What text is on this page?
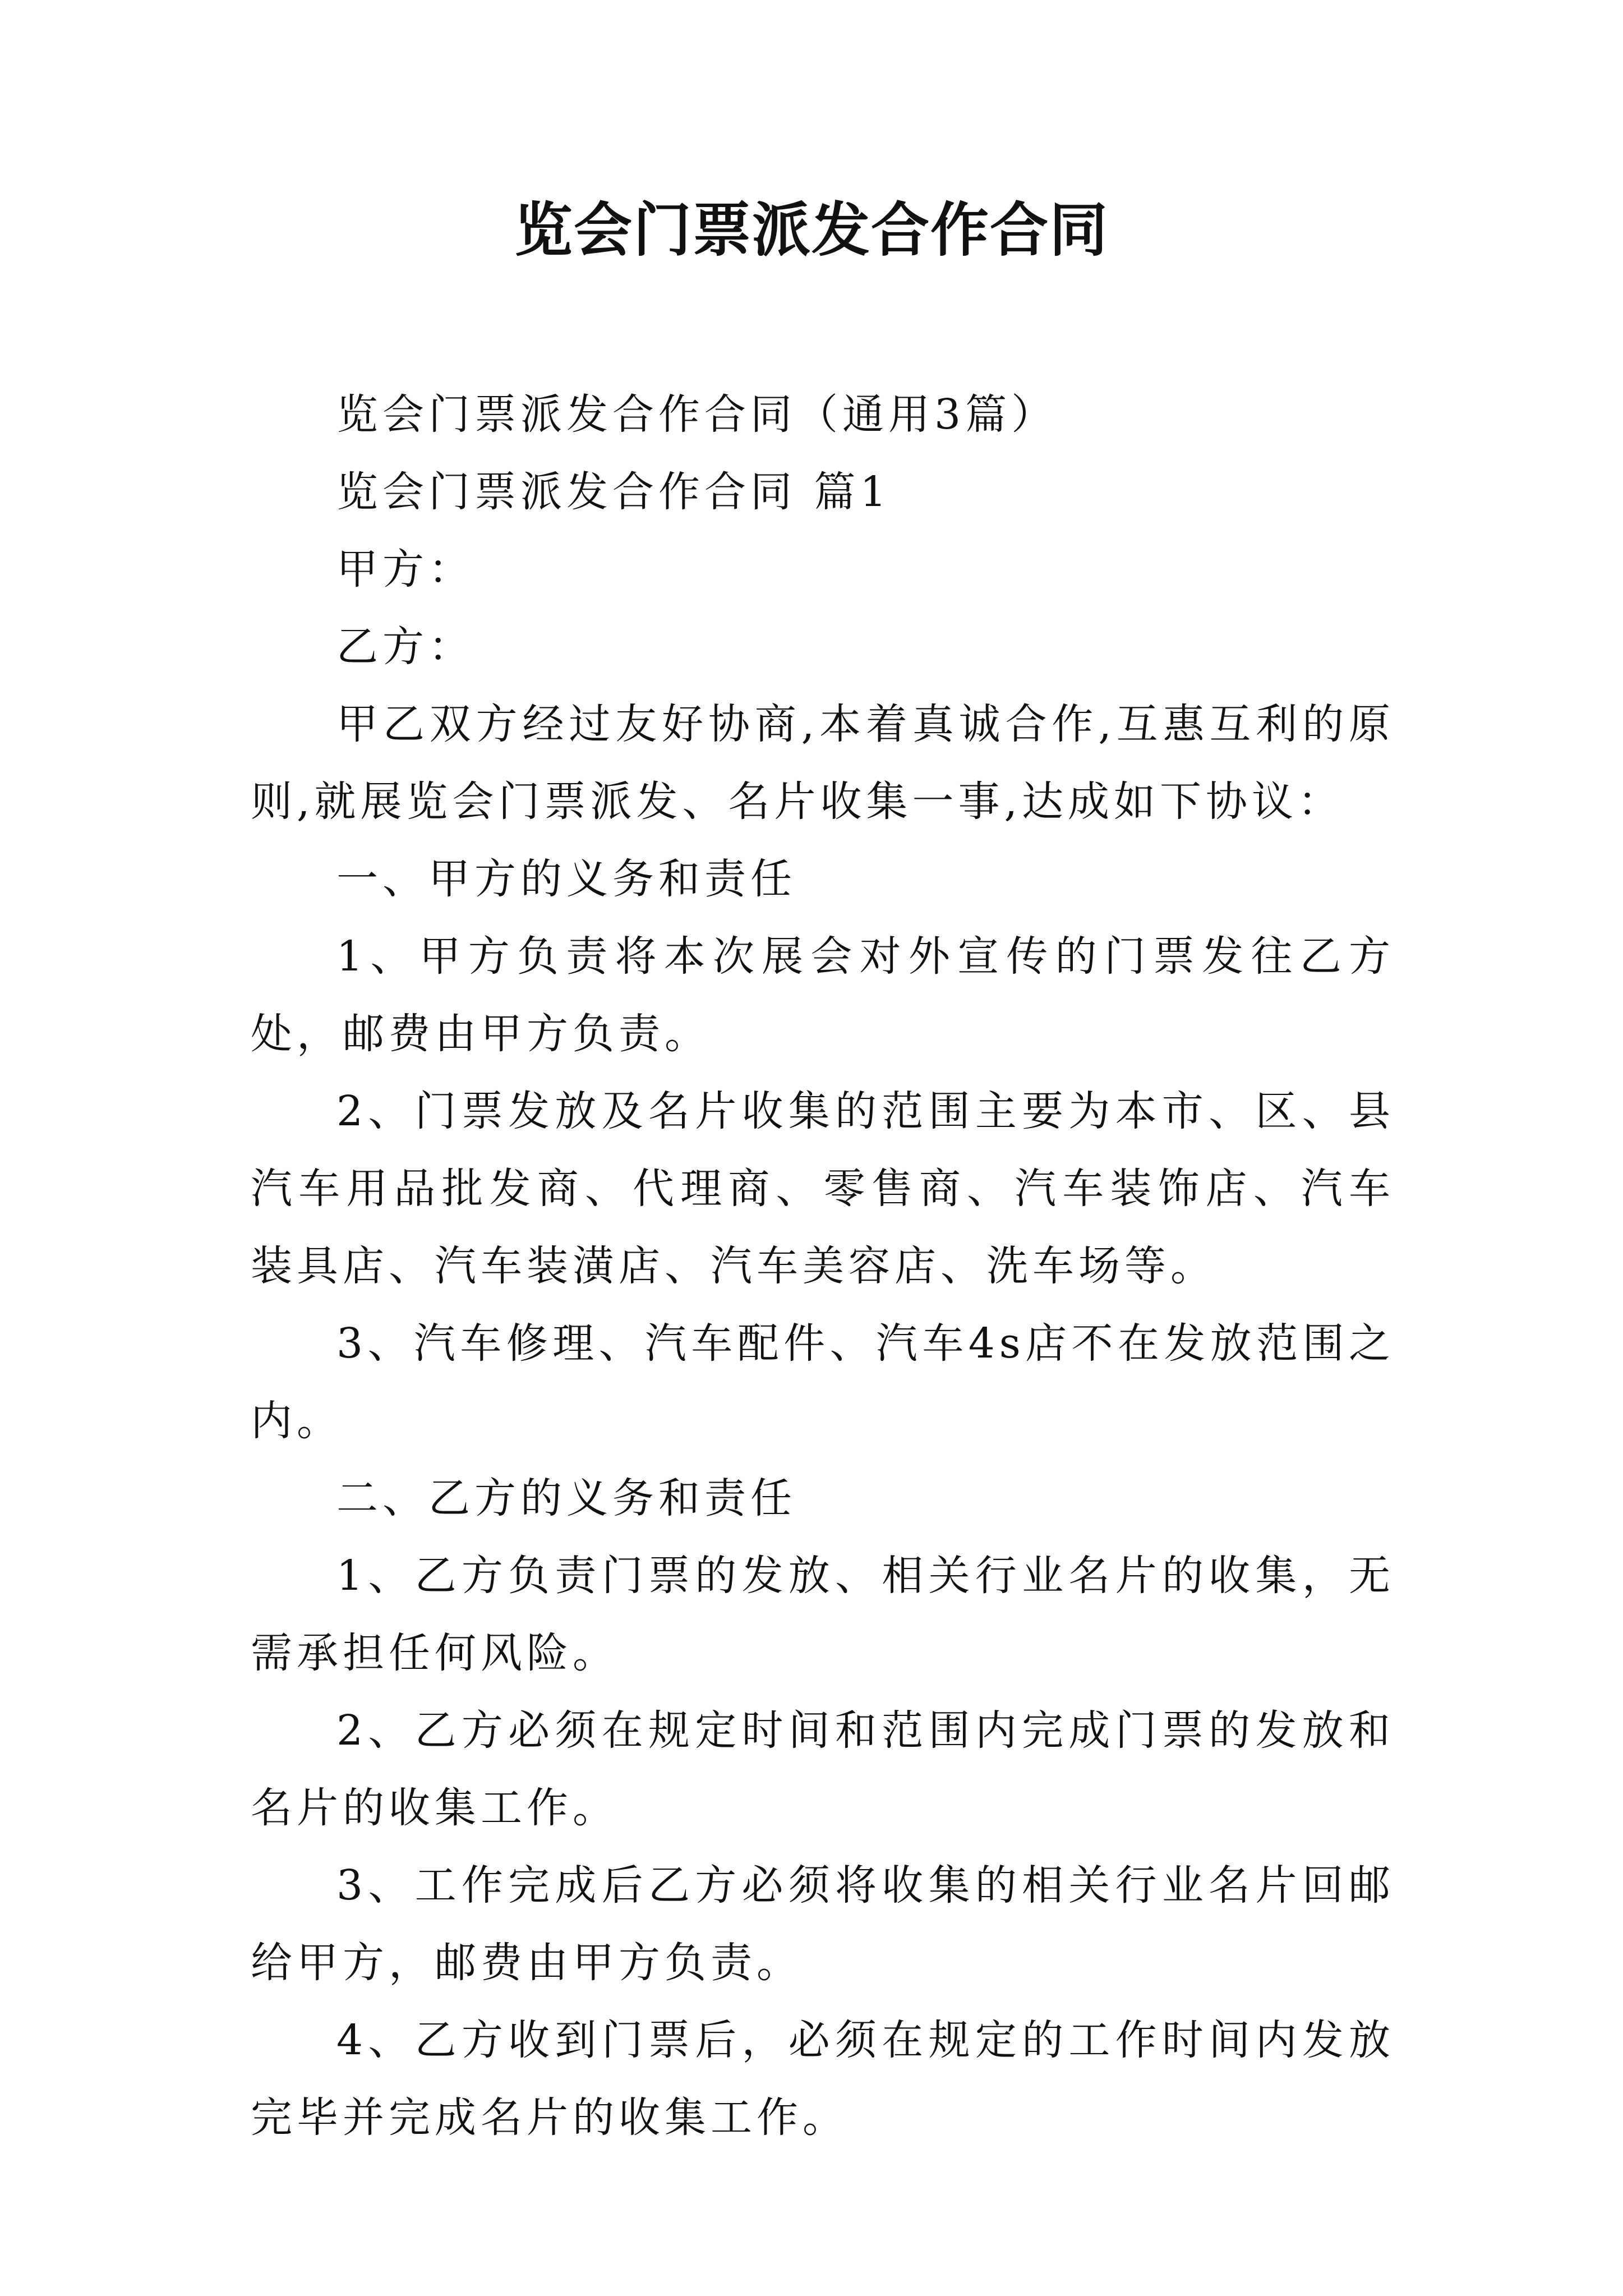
览会门票派发合作合同

览会门票派发合作合同（通用3篇）

览会门票派发合作合同 篇1

甲方：

乙方：

甲乙双方经过友好协商,本着真诚合作,互惠互利的原则,就展览会门票派发、名片收集一事,达成如下协议：

一、甲方的义务和责任

1、甲方负责将本次展会对外宣传的门票发往乙方处，邮费由甲方负责。

2、门票发放及名片收集的范围主要为本市、区、县汽车用品批发商、代理商、零售商、汽车装饰店、汽车装具店、汽车装潢店、汽车美容店、洗车场等。

3、汽车修理、汽车配件、汽车4s店不在发放范围之内。

二、乙方的义务和责任

1、乙方负责门票的发放、相关行业名片的收集，无需承担任何风险。

2、乙方必须在规定时间和范围内完成门票的发放和名片的收集工作。

3、工作完成后乙方必须将收集的相关行业名片回邮给甲方，邮费由甲方负责。

4、乙方收到门票后，必须在规定的工作时间内发放完毕并完成名片的收集工作。
